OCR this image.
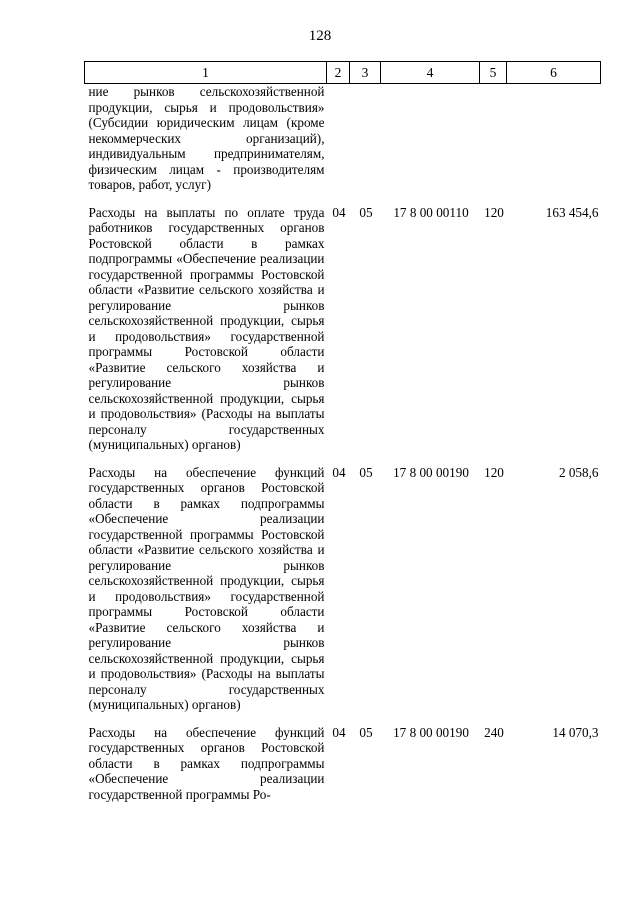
128
1	2	3	4	5	6
ние рынков сельскохозяйственной продукции, сырья и продовольствия» (Субсидии юридическим лицам (кроме некоммерческих организаций), индивидуальным предпринимателям, физическим лицам - производителям товаров, работ, услуг)					
Расходы на выплаты по оплате труда работников государственных органов Ростовской области в рамках подпрограммы «Обеспечение реализации государственной программы Ростовской области «Развитие сельского хозяйства и регулирование рынков сельскохозяйственной продукции, сырья и продовольствия» государственной программы Ростовской области «Развитие сельского хозяйства и регулирование рынков сельскохозяйственной продукции, сырья и продовольствия» (Расходы на выплаты персоналу государственных (муниципальных) органов)	04	05	17 8 00 00110	120	163 454,6
Расходы на обеспечение функций государственных органов Ростовской области в рамках подпрограммы «Обеспечение реализации государственной программы Ростовской области «Развитие сельского хозяйства и регулирование рынков сельскохозяйственной продукции, сырья и продовольствия» государственной программы Ростовской области «Развитие сельского хозяйства и регулирование рынков сельскохозяйственной продукции, сырья и продовольствия» (Расходы на выплаты персоналу государственных (муниципальных) органов)	04	05	17 8 00 00190	120	2 058,6
Расходы на обеспечение функций государственных органов Ростовской области в рамках подпрограммы «Обеспечение реализации государственной программы Ро-	04	05	17 8 00 00190	240	14 070,3
